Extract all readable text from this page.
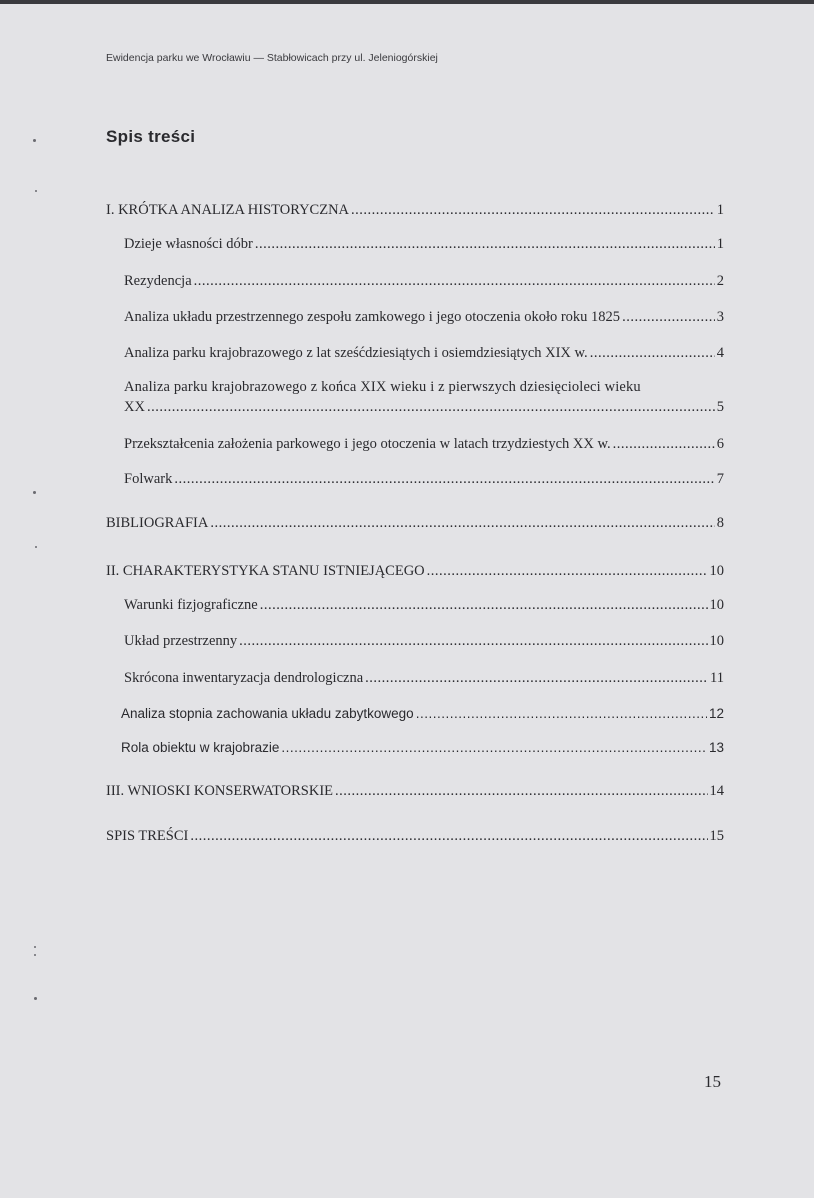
Ewidencja parku we Wrocławiu — Stabłowicach przy ul. Jeleniogórskiej
Spis treści
I. KRÓTKA ANALIZA HISTORYCZNA .....	1
Dzieje własności dóbr .....	1
Rezydencja .....	2
Analiza układu przestrzennego zespołu zamkowego i jego otoczenia około roku 1825 .....	3
Analiza parku krajobrazowego z lat sześćdziesiątych i osiemdziesiątych XIX w. .....	4
Analiza parku krajobrazowego z końca XIX wieku i z pierwszych dziesięcioleci wieku
XX .....	5
Przekształcenia założenia parkowego i jego otoczenia w latach trzydziestych XX w. .....	6
Folwark .....	7
BIBLIOGRAFIA .....	8
II. CHARAKTERYSTYKA STANU ISTNIEJĄCEGO .....	10
Warunki fizjograficzne .....	10
Układ przestrzenny .....	10
Skrócona inwentaryzacja dendrologiczna .....	11
Analiza stopnia zachowania układu zabytkowego .....	12
Rola obiektu w krajobrazie .....	13
III. WNIOSKI KONSERWATORSKIE .....	14
SPIS TREŚCI .....	15
15
